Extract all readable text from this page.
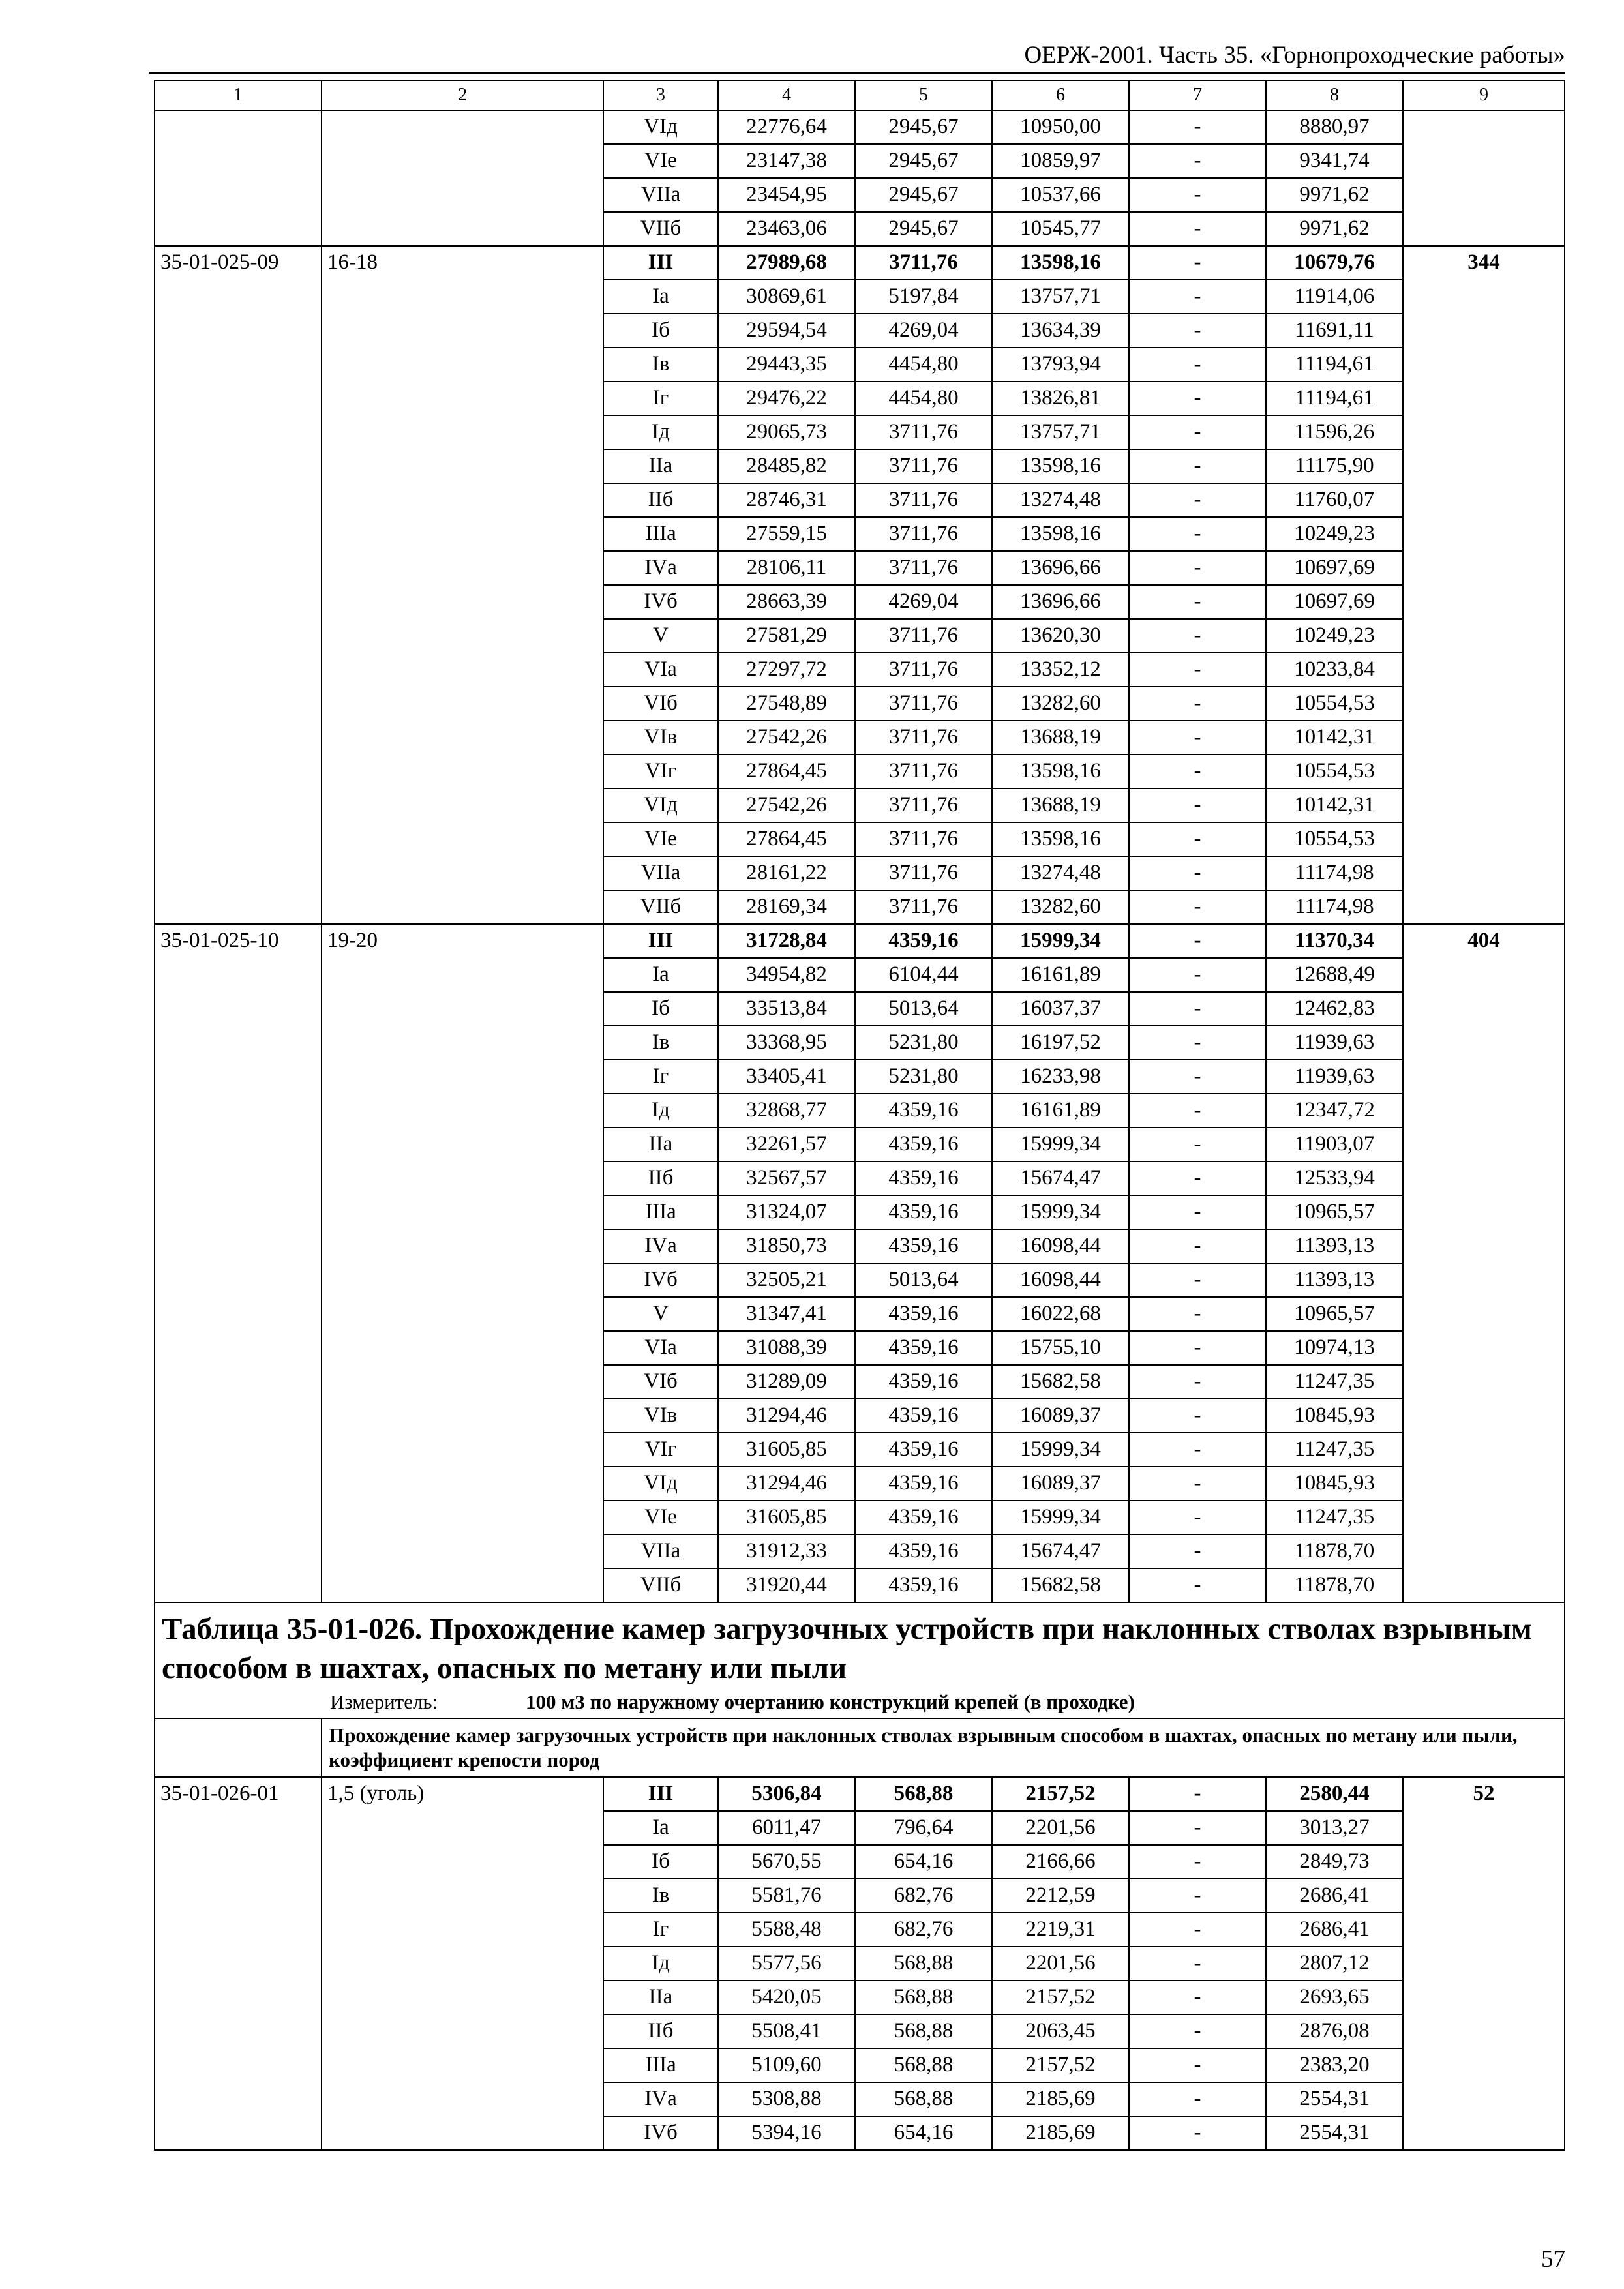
ОЕРЖ-2001. Часть 35. «Горнопроходческие работы»
1	2	3	4	5	6	7	8	9
		VIд	22776,64	2945,67	10950,00	-	8880,97	
		VIе	23147,38	2945,67	10859,97	-	9341,74	
		VIIа	23454,95	2945,67	10537,66	-	9971,62	
		VIIб	23463,06	2945,67	10545,77	-	9971,62	
35-01-025-09	16-18	III	27989,68	3711,76	13598,16	-	10679,76	344
		Iа	30869,61	5197,84	13757,71	-	11914,06	
		Iб	29594,54	4269,04	13634,39	-	11691,11	
		Iв	29443,35	4454,80	13793,94	-	11194,61	
		Iг	29476,22	4454,80	13826,81	-	11194,61	
		Iд	29065,73	3711,76	13757,71	-	11596,26	
		IIа	28485,82	3711,76	13598,16	-	11175,90	
		IIб	28746,31	3711,76	13274,48	-	11760,07	
		IIIа	27559,15	3711,76	13598,16	-	10249,23	
		IVа	28106,11	3711,76	13696,66	-	10697,69	
		IVб	28663,39	4269,04	13696,66	-	10697,69	
		V	27581,29	3711,76	13620,30	-	10249,23	
		VIа	27297,72	3711,76	13352,12	-	10233,84	
		VIб	27548,89	3711,76	13282,60	-	10554,53	
		VIв	27542,26	3711,76	13688,19	-	10142,31	
		VIг	27864,45	3711,76	13598,16	-	10554,53	
		VIд	27542,26	3711,76	13688,19	-	10142,31	
		VIе	27864,45	3711,76	13598,16	-	10554,53	
		VIIа	28161,22	3711,76	13274,48	-	11174,98	
		VIIб	28169,34	3711,76	13282,60	-	11174,98	
35-01-025-10	19-20	III	31728,84	4359,16	15999,34	-	11370,34	404
		Iа	34954,82	6104,44	16161,89	-	12688,49	
		Iб	33513,84	5013,64	16037,37	-	12462,83	
		Iв	33368,95	5231,80	16197,52	-	11939,63	
		Iг	33405,41	5231,80	16233,98	-	11939,63	
		Iд	32868,77	4359,16	16161,89	-	12347,72	
		IIа	32261,57	4359,16	15999,34	-	11903,07	
		IIб	32567,57	4359,16	15674,47	-	12533,94	
		IIIа	31324,07	4359,16	15999,34	-	10965,57	
		IVа	31850,73	4359,16	16098,44	-	11393,13	
		IVб	32505,21	5013,64	16098,44	-	11393,13	
		V	31347,41	4359,16	16022,68	-	10965,57	
		VIа	31088,39	4359,16	15755,10	-	10974,13	
		VIб	31289,09	4359,16	15682,58	-	11247,35	
		VIв	31294,46	4359,16	16089,37	-	10845,93	
		VIг	31605,85	4359,16	15999,34	-	11247,35	
		VIд	31294,46	4359,16	16089,37	-	10845,93	
		VIе	31605,85	4359,16	15999,34	-	11247,35	
		VIIа	31912,33	4359,16	15674,47	-	11878,70	
		VIIб	31920,44	4359,16	15682,58	-	11878,70	
Таблица 35-01-026. Прохождение камер загрузочных устройств при наклонных стволах взрывным способом в шахтах, опасных по метану или пыли								
Измеритель: 100 м3 по наружному очертанию конструкций крепей (в проходке)								
	Прохождение камер загрузочных устройств при наклонных стволах взрывным способом в шахтах, опасных по метану или пыли, коэффициент крепости пород							
35-01-026-01	1,5 (уголь)	III	5306,84	568,88	2157,52	-	2580,44	52
		Iа	6011,47	796,64	2201,56	-	3013,27	
		Iб	5670,55	654,16	2166,66	-	2849,73	
		Iв	5581,76	682,76	2212,59	-	2686,41	
		Iг	5588,48	682,76	2219,31	-	2686,41	
		Iд	5577,56	568,88	2201,56	-	2807,12	
		IIа	5420,05	568,88	2157,52	-	2693,65	
		IIб	5508,41	568,88	2063,45	-	2876,08	
		IIIа	5109,60	568,88	2157,52	-	2383,20	
		IVа	5308,88	568,88	2185,69	-	2554,31	
		IVб	5394,16	654,16	2185,69	-	2554,31	
57
